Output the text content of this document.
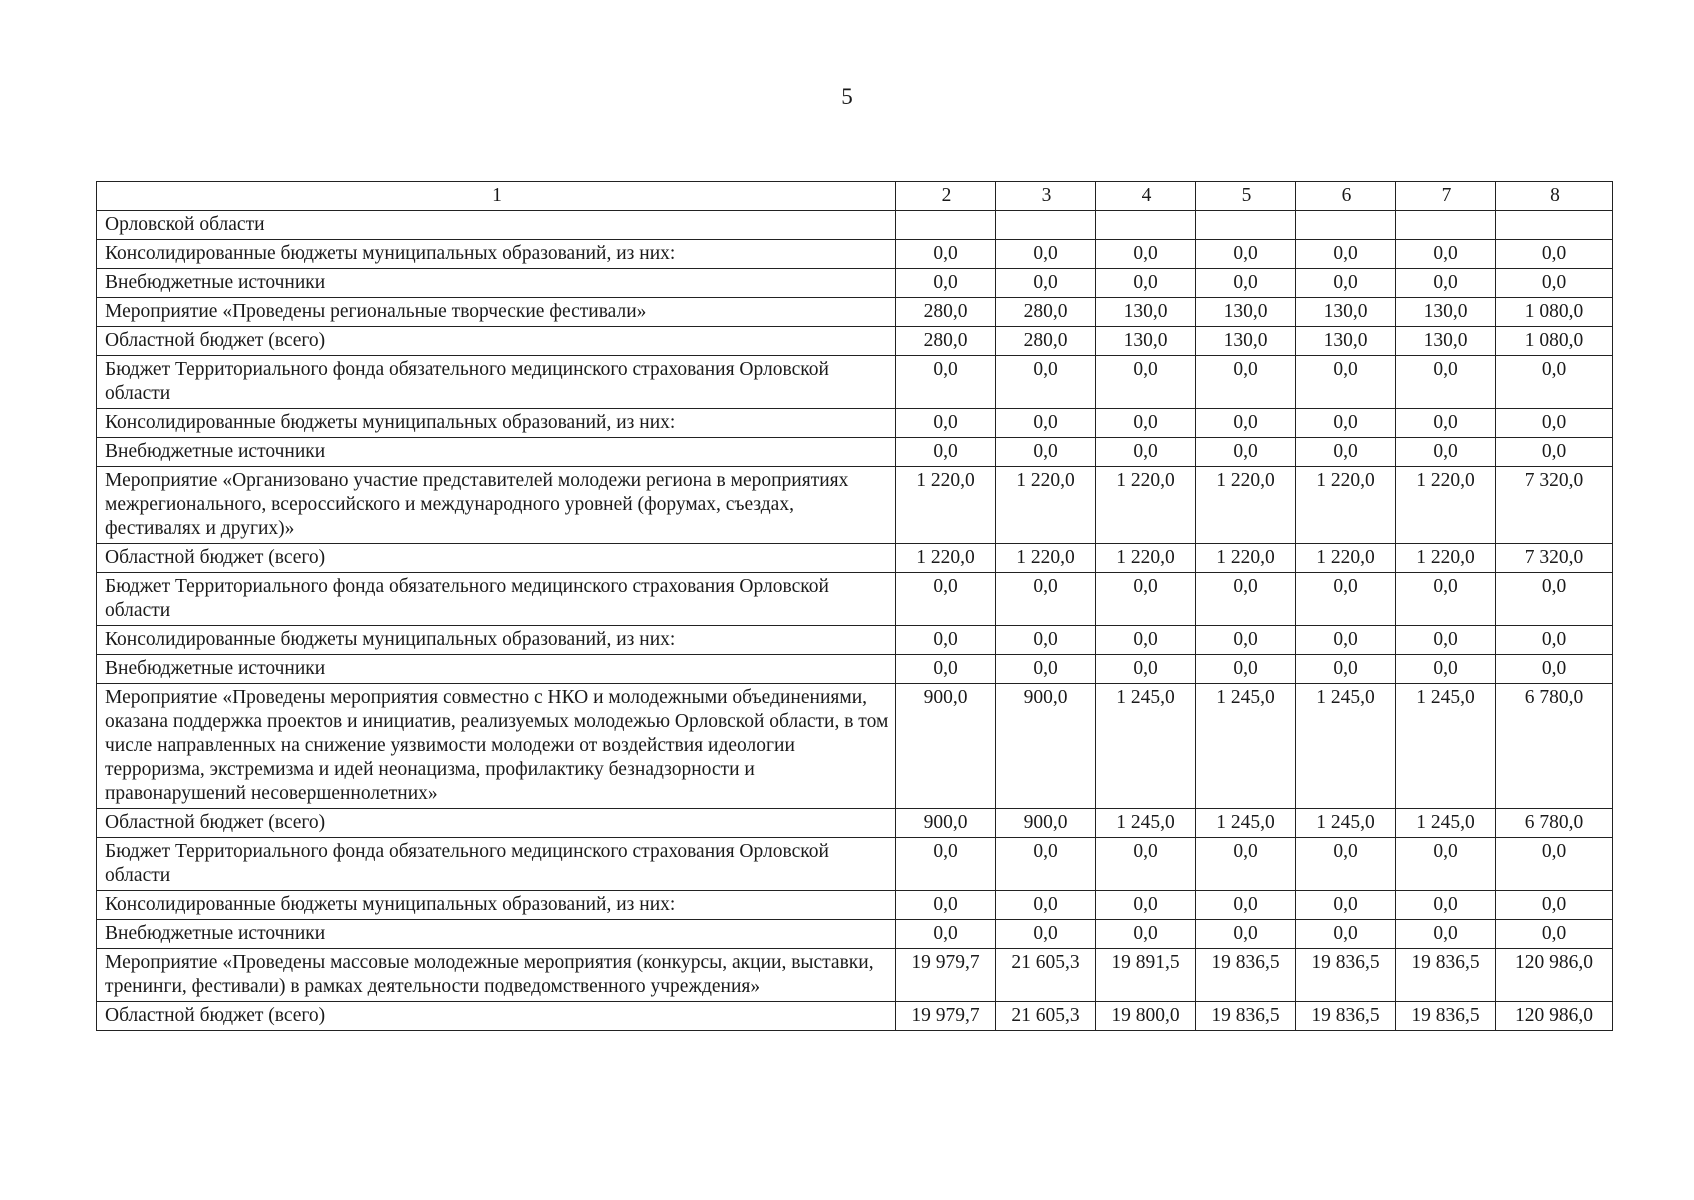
5
1	2	3	4	5	6	7	8
Орловской области							
Консолидированные бюджеты муниципальных образований, из них:	0,0	0,0	0,0	0,0	0,0	0,0	0,0
Внебюджетные источники	0,0	0,0	0,0	0,0	0,0	0,0	0,0
Мероприятие «Проведены региональные творческие фестивали»	280,0	280,0	130,0	130,0	130,0	130,0	1 080,0
Областной бюджет (всего)	280,0	280,0	130,0	130,0	130,0	130,0	1 080,0
Бюджет Территориального фонда обязательного медицинского страхования Орловской области	0,0	0,0	0,0	0,0	0,0	0,0	0,0
Консолидированные бюджеты муниципальных образований, из них:	0,0	0,0	0,0	0,0	0,0	0,0	0,0
Внебюджетные источники	0,0	0,0	0,0	0,0	0,0	0,0	0,0
Мероприятие «Организовано участие представителей молодежи региона в мероприятиях межрегионального, всероссийского и международного уровней (форумах, съездах, фестивалях и других)»	1 220,0	1 220,0	1 220,0	1 220,0	1 220,0	1 220,0	7 320,0
Областной бюджет (всего)	1 220,0	1 220,0	1 220,0	1 220,0	1 220,0	1 220,0	7 320,0
Бюджет Территориального фонда обязательного медицинского страхования Орловской области	0,0	0,0	0,0	0,0	0,0	0,0	0,0
Консолидированные бюджеты муниципальных образований, из них:	0,0	0,0	0,0	0,0	0,0	0,0	0,0
Внебюджетные источники	0,0	0,0	0,0	0,0	0,0	0,0	0,0
Мероприятие «Проведены мероприятия совместно с НКО и молодежными объединениями, оказана поддержка проектов и инициатив, реализуемых молодежью Орловской области, в том числе направленных на снижение уязвимости молодежи от воздействия идеологии терроризма, экстремизма и идей неонацизма, профилактику безнадзорности и правонарушений несовершеннолетних»	900,0	900,0	1 245,0	1 245,0	1 245,0	1 245,0	6 780,0
Областной бюджет (всего)	900,0	900,0	1 245,0	1 245,0	1 245,0	1 245,0	6 780,0
Бюджет Территориального фонда обязательного медицинского страхования Орловской области	0,0	0,0	0,0	0,0	0,0	0,0	0,0
Консолидированные бюджеты муниципальных образований, из них:	0,0	0,0	0,0	0,0	0,0	0,0	0,0
Внебюджетные источники	0,0	0,0	0,0	0,0	0,0	0,0	0,0
Мероприятие «Проведены массовые молодежные мероприятия (конкурсы, акции, выставки, тренинги, фестивали) в рамках деятельности подведомственного учреждения»	19 979,7	21 605,3	19 891,5	19 836,5	19 836,5	19 836,5	120 986,0
Областной бюджет (всего)	19 979,7	21 605,3	19 800,0	19 836,5	19 836,5	19 836,5	120 986,0
